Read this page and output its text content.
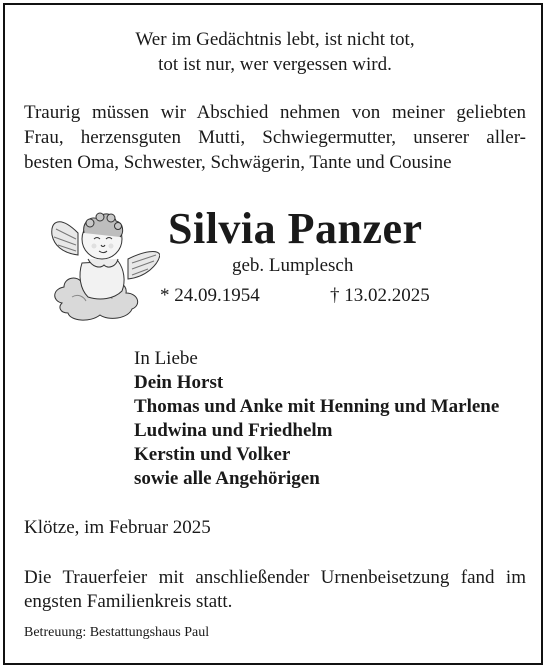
Wer im Gedächtnis lebt, ist nicht tot,
tot ist nur, wer vergessen wird.
Traurig müssen wir Abschied nehmen von meiner geliebten
Frau, herzensguten Mutti, Schwiegermutter, unserer aller-
besten Oma, Schwester, Schwägerin, Tante und Cousine
Silvia Panzer
geb. Lumplesch
* 24.09.1954	† 13.02.2025
In Liebe
Dein Horst
Thomas und Anke mit Henning und Marlene
Ludwina und Friedhelm
Kerstin und Volker
sowie alle Angehörigen
Klötze, im Februar 2025
Die Trauerfeier mit anschließender Urnenbeisetzung fand im
engsten Familienkreis statt.
Betreuung: Bestattungshaus Paul
